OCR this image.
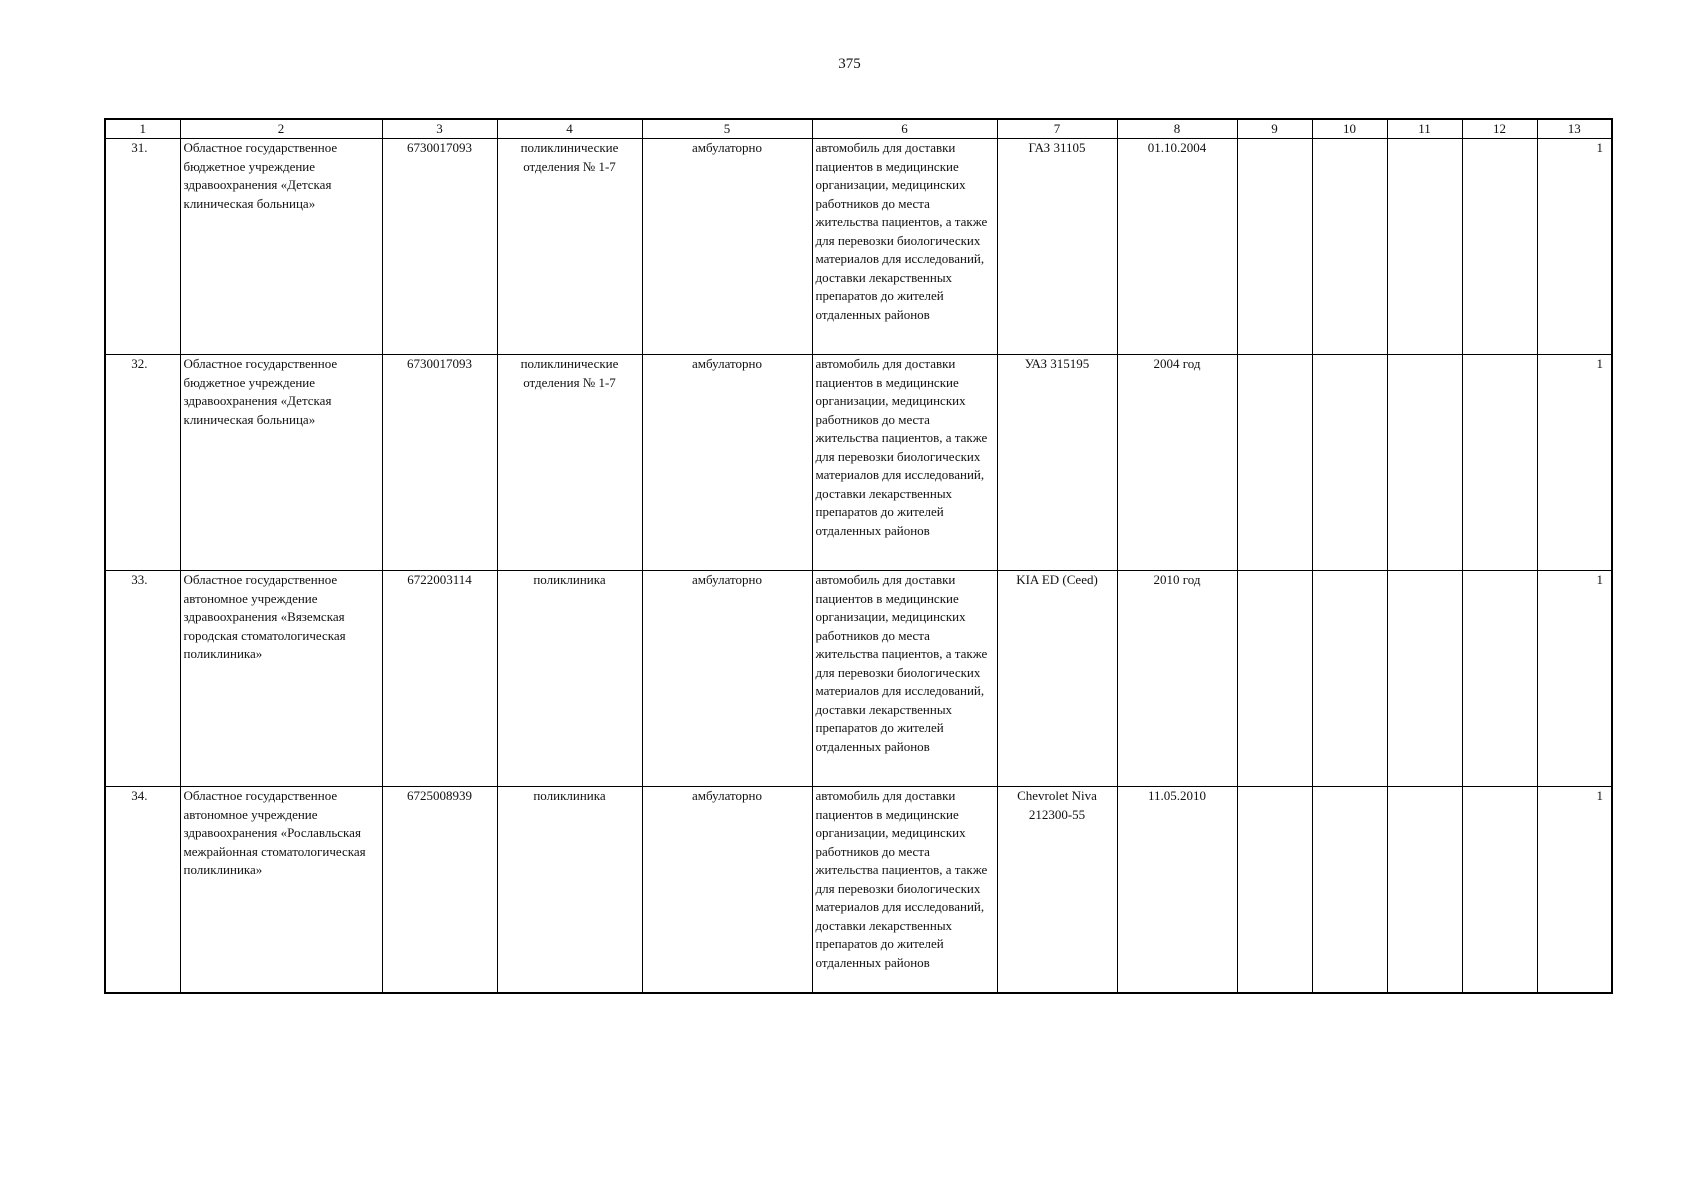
375
1	2	3	4	5	6	7	8	9	10	11	12	13
31.	Областное государственное бюджетное учреждение здравоохранения «Детская клиническая больница»	6730017093	поликлинические отделения № 1-7	амбулаторно	автомобиль для доставки пациентов в медицинские организации, медицинских работников до места жительства пациентов, а также для перевозки биологических материалов для исследований, доставки лекарственных препаратов до жителей отдаленных районов	ГАЗ 31105	01.10.2004					1
32.	Областное государственное бюджетное учреждение здравоохранения «Детская клиническая больница»	6730017093	поликлинические отделения № 1-7	амбулаторно	автомобиль для доставки пациентов в медицинские организации, медицинских работников до места жительства пациентов, а также для перевозки биологических материалов для исследований, доставки лекарственных препаратов до жителей отдаленных районов	УАЗ 315195	2004 год					1
33.	Областное государственное автономное учреждение здравоохранения «Вяземская городская стоматологическая поликлиника»	6722003114	поликлиника	амбулаторно	автомобиль для доставки пациентов в медицинские организации, медицинских работников до места жительства пациентов, а также для перевозки биологических материалов для исследований, доставки лекарственных препаратов до жителей отдаленных районов	KIA ED (Ceed)	2010 год					1
34.	Областное государственное автономное учреждение здравоохранения «Рославльская межрайонная стоматологическая поликлиника»	6725008939	поликлиника	амбулаторно	автомобиль для доставки пациентов в медицинские организации, медицинских работников до места жительства пациентов, а также для перевозки биологических материалов для исследований, доставки лекарственных препаратов до жителей отдаленных районов	Chevrolet Niva 212300-55	11.05.2010					1
